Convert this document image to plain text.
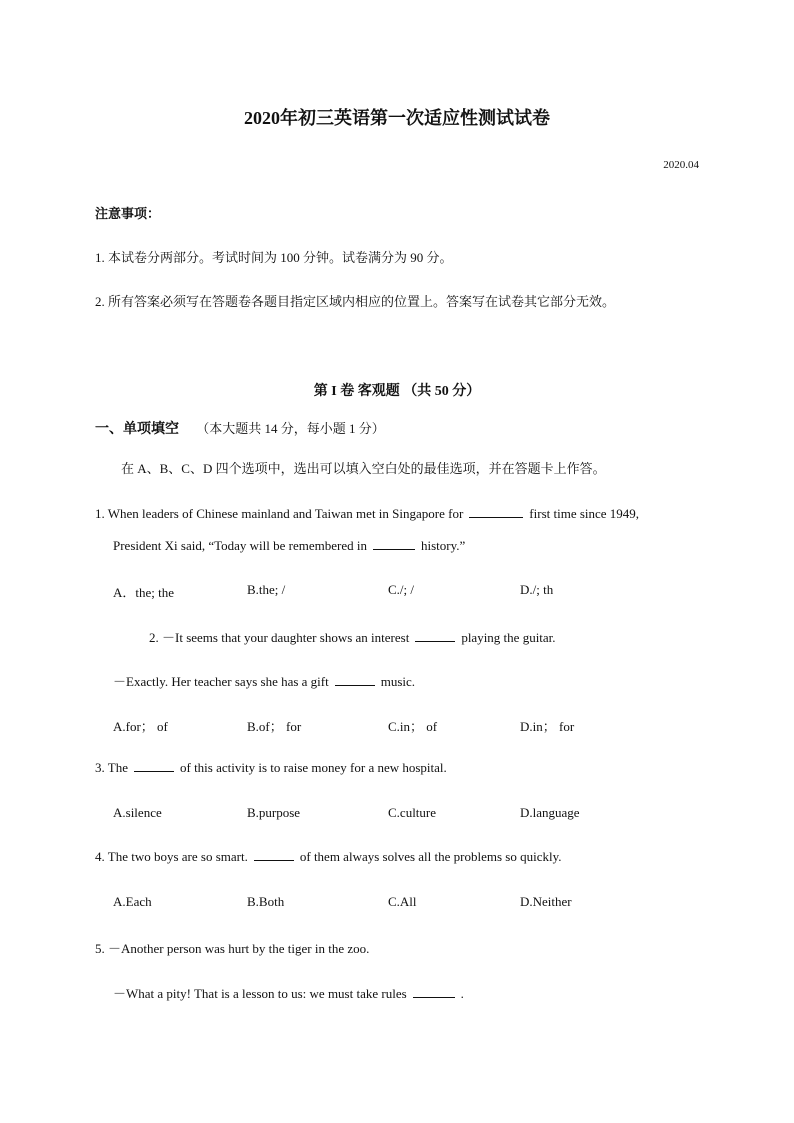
2020年初三英语第一次适应性测试试卷
2020.04
注意事项：
1. 本试卷分两部分。考试时间为 100 分钟。试卷满分为 90 分。
2. 所有答案必须写在答题卷各题目指定区域内相应的位置上。答案写在试卷其它部分无效。
第 I 卷 客观题 （共 50 分）
一、单项填空 （本大题共 14 分，每小题 1 分）
在 A、B、C、D 四个选项中，选出可以填入空白处的最佳选项，并在答题卡上作答。
1. When leaders of Chinese mainland and Taiwan met in Singapore for	first time since 1949,
President Xi said, “Today will be remembered in	history.”
A．the; the	B.the; /	C./; /	D./; th
2. －It seems that your daughter shows an interest	playing the guitar.
－Exactly. Her teacher says she has a gift	music.
A.for； of	B.of； for	C.in； of	D.in； for
3. The	of this activity is to raise money for a new hospital.
A.silence	B.purpose	C.culture	D.language
4. The two boys are so smart.	of them always solves all the problems so quickly.
A.Each	B.Both	C.All	D.Neither
5. －Another person was hurt by the tiger in the zoo.
－What a pity! That is a lesson to us: we must take rules	.
